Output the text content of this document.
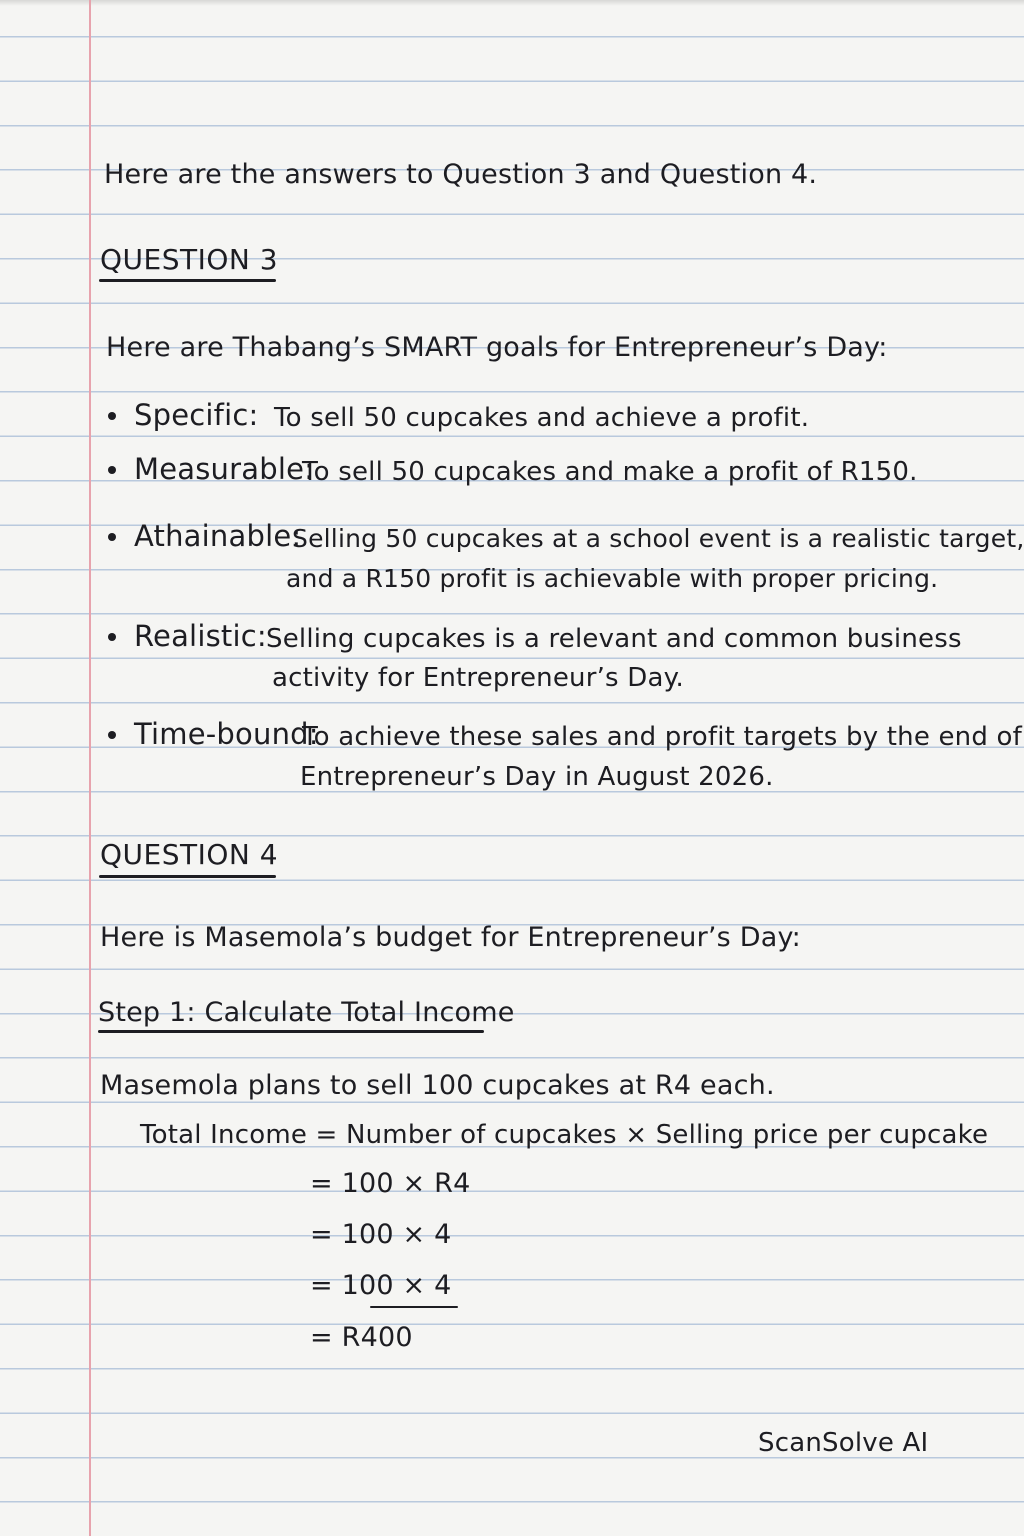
Here are the answers to Question 3 and Question 4.
QUESTION 3
Here are Thabang’s SMART goals for Entrepreneur’s Day:
Specific: To sell 50 cupcakes and achieve a profit.
Measurable:
To sell 50 cupcakes and make a profit of R150.
Athainable:
Selling 50 cupcakes at a school event is a realistic target,
and a R150 profit is achievable with proper pricing.
Realistic: Selling cupcakes is a relevant and common business
activity for Entrepreneur’s Day.
Time-bound:
To achieve these sales and profit targets by the end of
Entrepreneur’s Day in August 2026.
QUESTION 4
Here is Masemola’s budget for Entrepreneur’s Day:
Step 1: Calculate Total Income
Masemola plans to sell 100 cupcakes at R4 each.
Total Income = Number of cupcakes × Selling price per cupcake
= 100 × R4
= 100 × 4
= 100 × 4
= R400
ScanSolve AI
